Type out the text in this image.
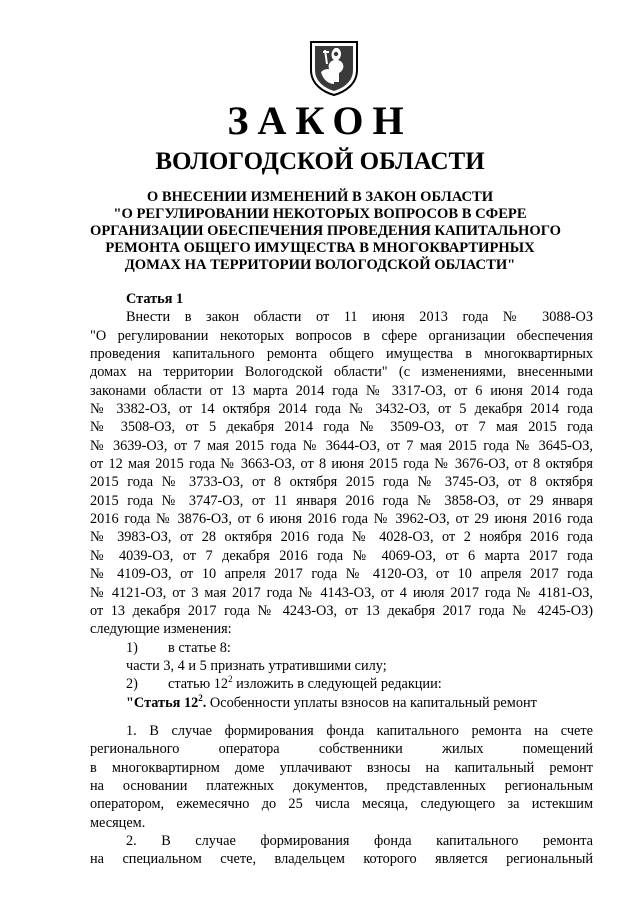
ЗАКОН
ВОЛОГОДСКОЙ ОБЛАСТИ
О ВНЕСЕНИИ ИЗМЕНЕНИЙ В ЗАКОН ОБЛАСТИ
"О РЕГУЛИРОВАНИИ НЕКОТОРЫХ ВОПРОСОВ В СФЕРЕ
ОРГАНИЗАЦИИ ОБЕСПЕЧЕНИЯ ПРОВЕДЕНИЯ КАПИТАЛЬНОГО
РЕМОНТА ОБЩЕГО ИМУЩЕСТВА В МНОГОКВАРТИРНЫХ
ДОМАХ НА ТЕРРИТОРИИ ВОЛОГОДСКОЙ ОБЛАСТИ"
Статья 1
Внести в закон области от 11 июня 2013 года № 3088-ОЗ
"О регулировании некоторых вопросов в сфере организации обеспечения
проведения капитального ремонта общего имущества в многоквартирных
домах на территории Вологодской области" (с изменениями, внесенными
законами области от 13 марта 2014 года № 3317-ОЗ, от 6 июня 2014 года
№ 3382-ОЗ, от 14 октября 2014 года № 3432-ОЗ, от 5 декабря 2014 года
№ 3508-ОЗ, от 5 декабря 2014 года № 3509-ОЗ, от 7 мая 2015 года
№ 3639-ОЗ, от 7 мая 2015 года № 3644-ОЗ, от 7 мая 2015 года № 3645-ОЗ,
от 12 мая 2015 года № 3663-ОЗ, от 8 июня 2015 года № 3676-ОЗ, от 8 октября
2015 года № 3733-ОЗ, от 8 октября 2015 года № 3745-ОЗ, от 8 октября
2015 года № 3747-ОЗ, от 11 января 2016 года № 3858-ОЗ, от 29 января
2016 года № 3876-ОЗ, от 6 июня 2016 года № 3962-ОЗ, от 29 июня 2016 года
№ 3983-ОЗ, от 28 октября 2016 года № 4028-ОЗ, от 2 ноября 2016 года
№ 4039-ОЗ, от 7 декабря 2016 года № 4069-ОЗ, от 6 марта 2017 года
№ 4109-ОЗ, от 10 апреля 2017 года № 4120-ОЗ, от 10 апреля 2017 года
№ 4121-ОЗ, от 3 мая 2017 года № 4143-ОЗ, от 4 июля 2017 года № 4181-ОЗ,
от 13 декабря 2017 года № 4243-ОЗ, от 13 декабря 2017 года № 4245-ОЗ)
следующие изменения:
1) в статье 8:
части 3, 4 и 5 признать утратившими силу;
2) статью $12^2$ изложить в следующей редакции:
"Статья $12^2$. Особенности уплаты взносов на капитальный ремонт
1. В случае формирования фонда капитального ремонта на счете
регионального оператора собственники жилых помещений
в многоквартирном доме уплачивают взносы на капитальный ремонт
на основании платежных документов, представленных региональным
оператором, ежемесячно до 25 числа месяца, следующего за истекшим
месяцем.
2. В случае формирования фонда капитального ремонта
на специальном счете, владельцем которого является региональный
